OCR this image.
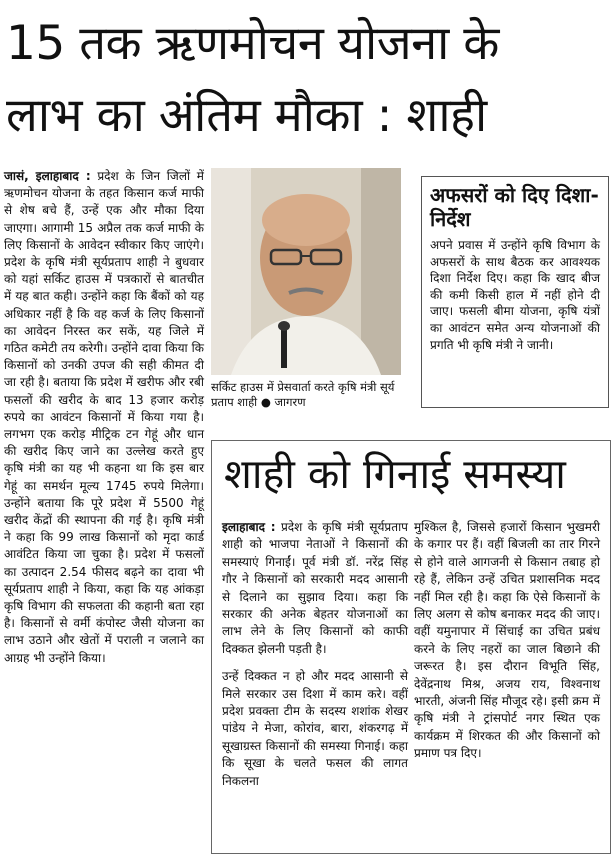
15 तक ऋणमोचन योजना के
लाभ का अंतिम मौका : शाही
जासं, इलाहाबाद : प्रदेश के जिन जिलों में ऋणमोचन योजना के तहत किसान कर्ज माफी से शेष बचे हैं, उन्हें एक और मौका दिया जाएगा। आगामी 15 अप्रैल तक कर्ज माफी के लिए किसानों के आवेदन स्वीकार किए जाएंगे। प्रदेश के कृषि मंत्री सूर्यप्रताप शाही ने बुधवार को यहां सर्किट हाउस में पत्रकारों से बातचीत में यह बात कही। उन्होंने कहा कि बैंकों को यह अधिकार नहीं है कि वह कर्ज के लिए किसानों का आवेदन निरस्त कर सकें, यह जिले में गठित कमेटी तय करेगी। उन्होंने दावा किया कि किसानों को उनकी उपज की सही कीमत दी जा रही है। बताया कि प्रदेश में खरीफ और रबी फसलों की खरीद के बाद 13 हजार करोड़ रुपये का आवंटन किसानों में किया गया है। लगभग एक करोड़ मीट्रिक टन गेहूं और धान की खरीद किए जाने का उल्लेख करते हुए कृषि मंत्री का यह भी कहना था कि इस बार गेहूं का समर्थन मूल्य 1745 रुपये मिलेगा। उन्होंने बताया कि पूरे प्रदेश में 5500 गेहूं खरीद केंद्रों की स्थापना की गई है। कृषि मंत्री ने कहा कि 99 लाख किसानों को मृदा कार्ड आवंटित किया जा चुका है। प्रदेश में फसलों का उत्पादन 2.54 फीसद बढ़ने का दावा भी सूर्यप्रताप शाही ने किया, कहा कि यह आंकड़ा कृषि विभाग की सफलता की कहानी बता रहा है। किसानों से वर्मी कंपोस्ट जैसी योजना का लाभ उठाने और खेतों में पराली न जलाने का आग्रह भी उन्होंने किया।
सर्किट हाउस में प्रेसवार्ता करते कृषि मंत्री सूर्य प्रताप शाही ● जागरण
अफसरों को दिए दिशा-निर्देश
अपने प्रवास में उन्होंने कृषि विभाग के अफसरों के साथ बैठक कर आवश्यक दिशा निर्देश दिए। कहा कि खाद बीज की कमी किसी हाल में नहीं होने दी जाए। फसली बीमा योजना, कृषि यंत्रों का आवंटन समेत अन्य योजनाओं की प्रगति भी कृषि मंत्री ने जानी।
शाही को गिनाई समस्या

इलाहाबाद : प्रदेश के कृषि मंत्री सूर्यप्रताप शाही को भाजपा नेताओं ने किसानों की समस्याएं गिनाईं। पूर्व मंत्री डॉ. नरेंद्र सिंह गौर ने किसानों को सरकारी मदद आसानी से दिलाने का सुझाव दिया। कहा कि सरकार की अनेक बेहतर योजनाओं का लाभ लेने के लिए किसानों को काफी दिक्कत झेलनी पड़ती है।

उन्हें दिक्कत न हो और मदद आसानी से मिले सरकार उस दिशा में काम करे। वहीं प्रदेश प्रवक्ता टीम के सदस्य शशांक शेखर पांडेय ने मेजा, कोरांव, बारा, शंकरगढ़ में सूखाग्रस्त किसानों की समस्या गिनाई। कहा कि सूखा के चलते फसल की लागत निकलना

मुश्किल है, जिससे हजारों किसान भुखमरी के कगार पर हैं। वहीं बिजली का तार गिरने से होने वाले आगजनी से किसान तबाह हो रहे हैं, लेकिन उन्हें उचित प्रशासनिक मदद नहीं मिल रही है। कहा कि ऐसे किसानों के लिए अलग से कोष बनाकर मदद की जाए। वहीं यमुनापार में सिंचाई का उचित प्रबंध करने के लिए नहरों का जाल बिछाने की जरूरत है। इस दौरान विभूति सिंह, देवेंद्रनाथ मिश्र, अजय राय, विश्वनाथ भारती, अंजनी सिंह मौजूद रहे। इसी क्रम में कृषि मंत्री ने ट्रांसपोर्ट नगर स्थित एक कार्यक्रम में शिरकत की और किसानों को प्रमाण पत्र दिए।
